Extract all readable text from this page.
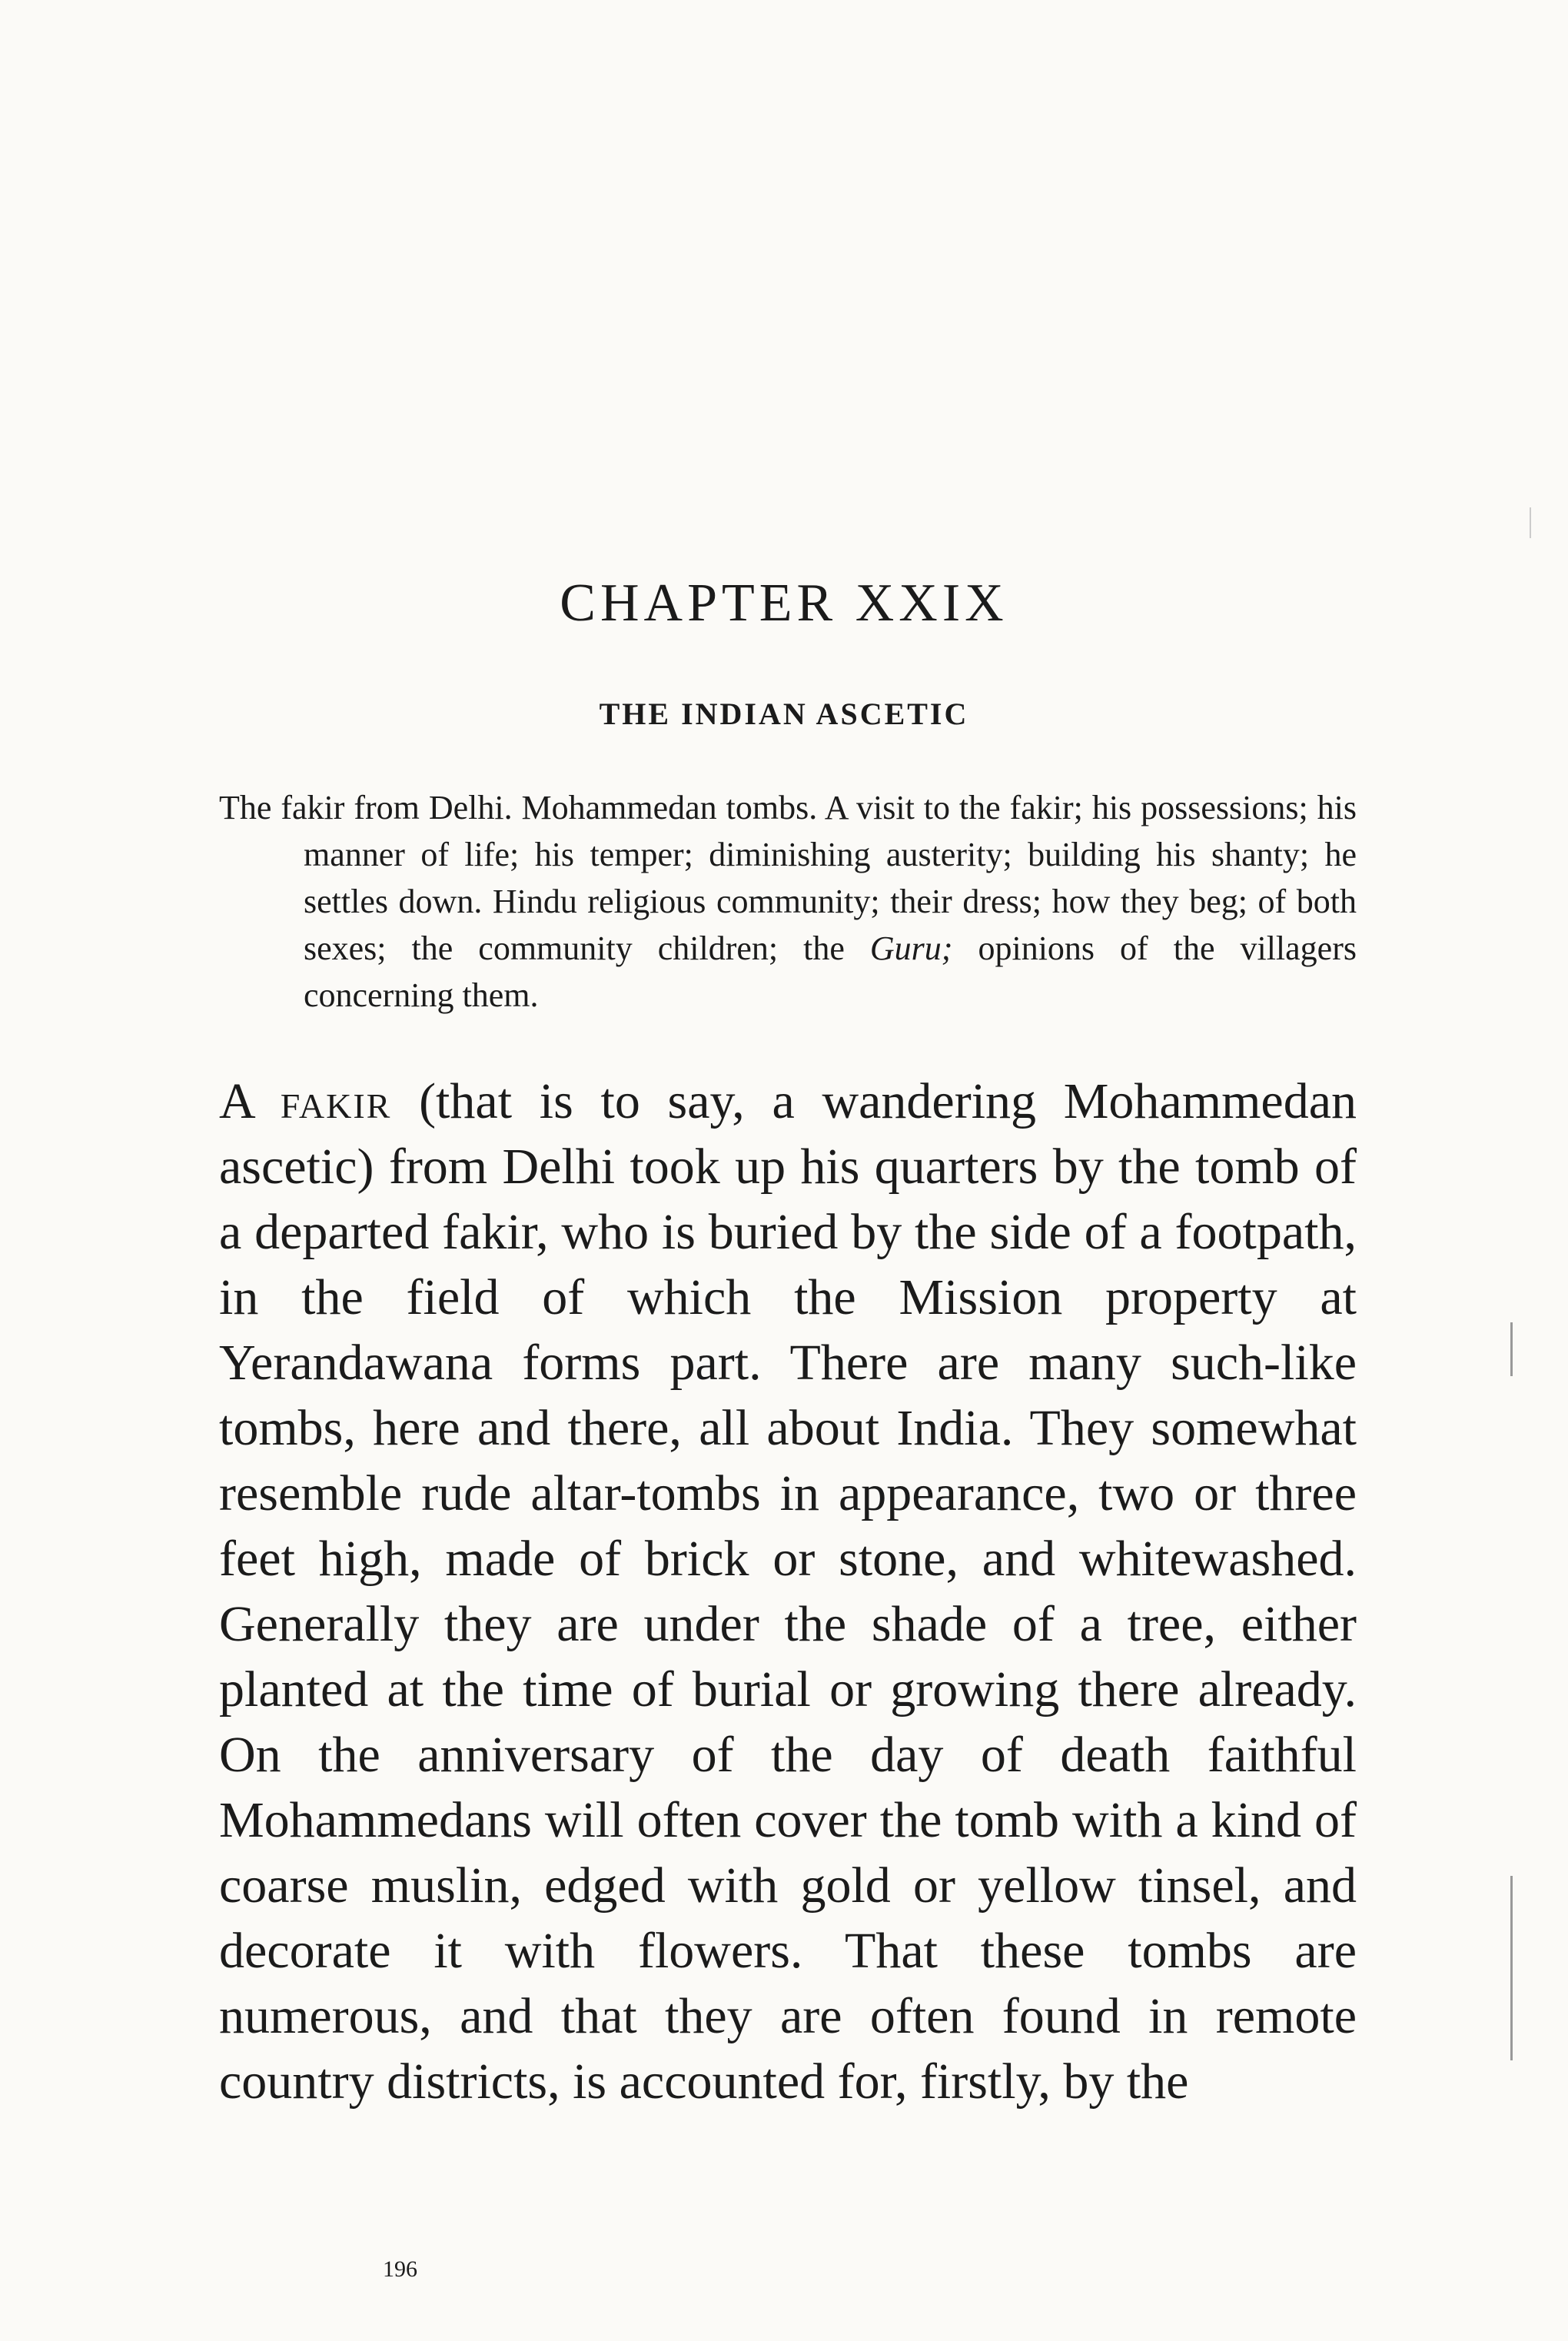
CHAPTER XXIX
THE INDIAN ASCETIC

The fakir from Delhi. Mohammedan tombs. A visit to the fakir; his possessions; his manner of life; his temper; diminishing austerity; building his shanty; he settles down. Hindu religious community; their dress; how they beg; of both sexes; the community children; the Guru; opinions of the villagers concerning them.

A fakir (that is to say, a wandering Mohammedan ascetic) from Delhi took up his quarters by the tomb of a departed fakir, who is buried by the side of a footpath, in the field of which the Mission property at Yerandawana forms part. There are many such-like tombs, here and there, all about India. They somewhat resemble rude altar-tombs in appearance, two or three feet high, made of brick or stone, and whitewashed. Generally they are under the shade of a tree, either planted at the time of burial or growing there already. On the anniversary of the day of death faithful Mohammedans will often cover the tomb with a kind of coarse muslin, edged with gold or yellow tinsel, and decorate it with flowers. That these tombs are numerous, and that they are often found in remote country districts, is accounted for, firstly, by the

196
